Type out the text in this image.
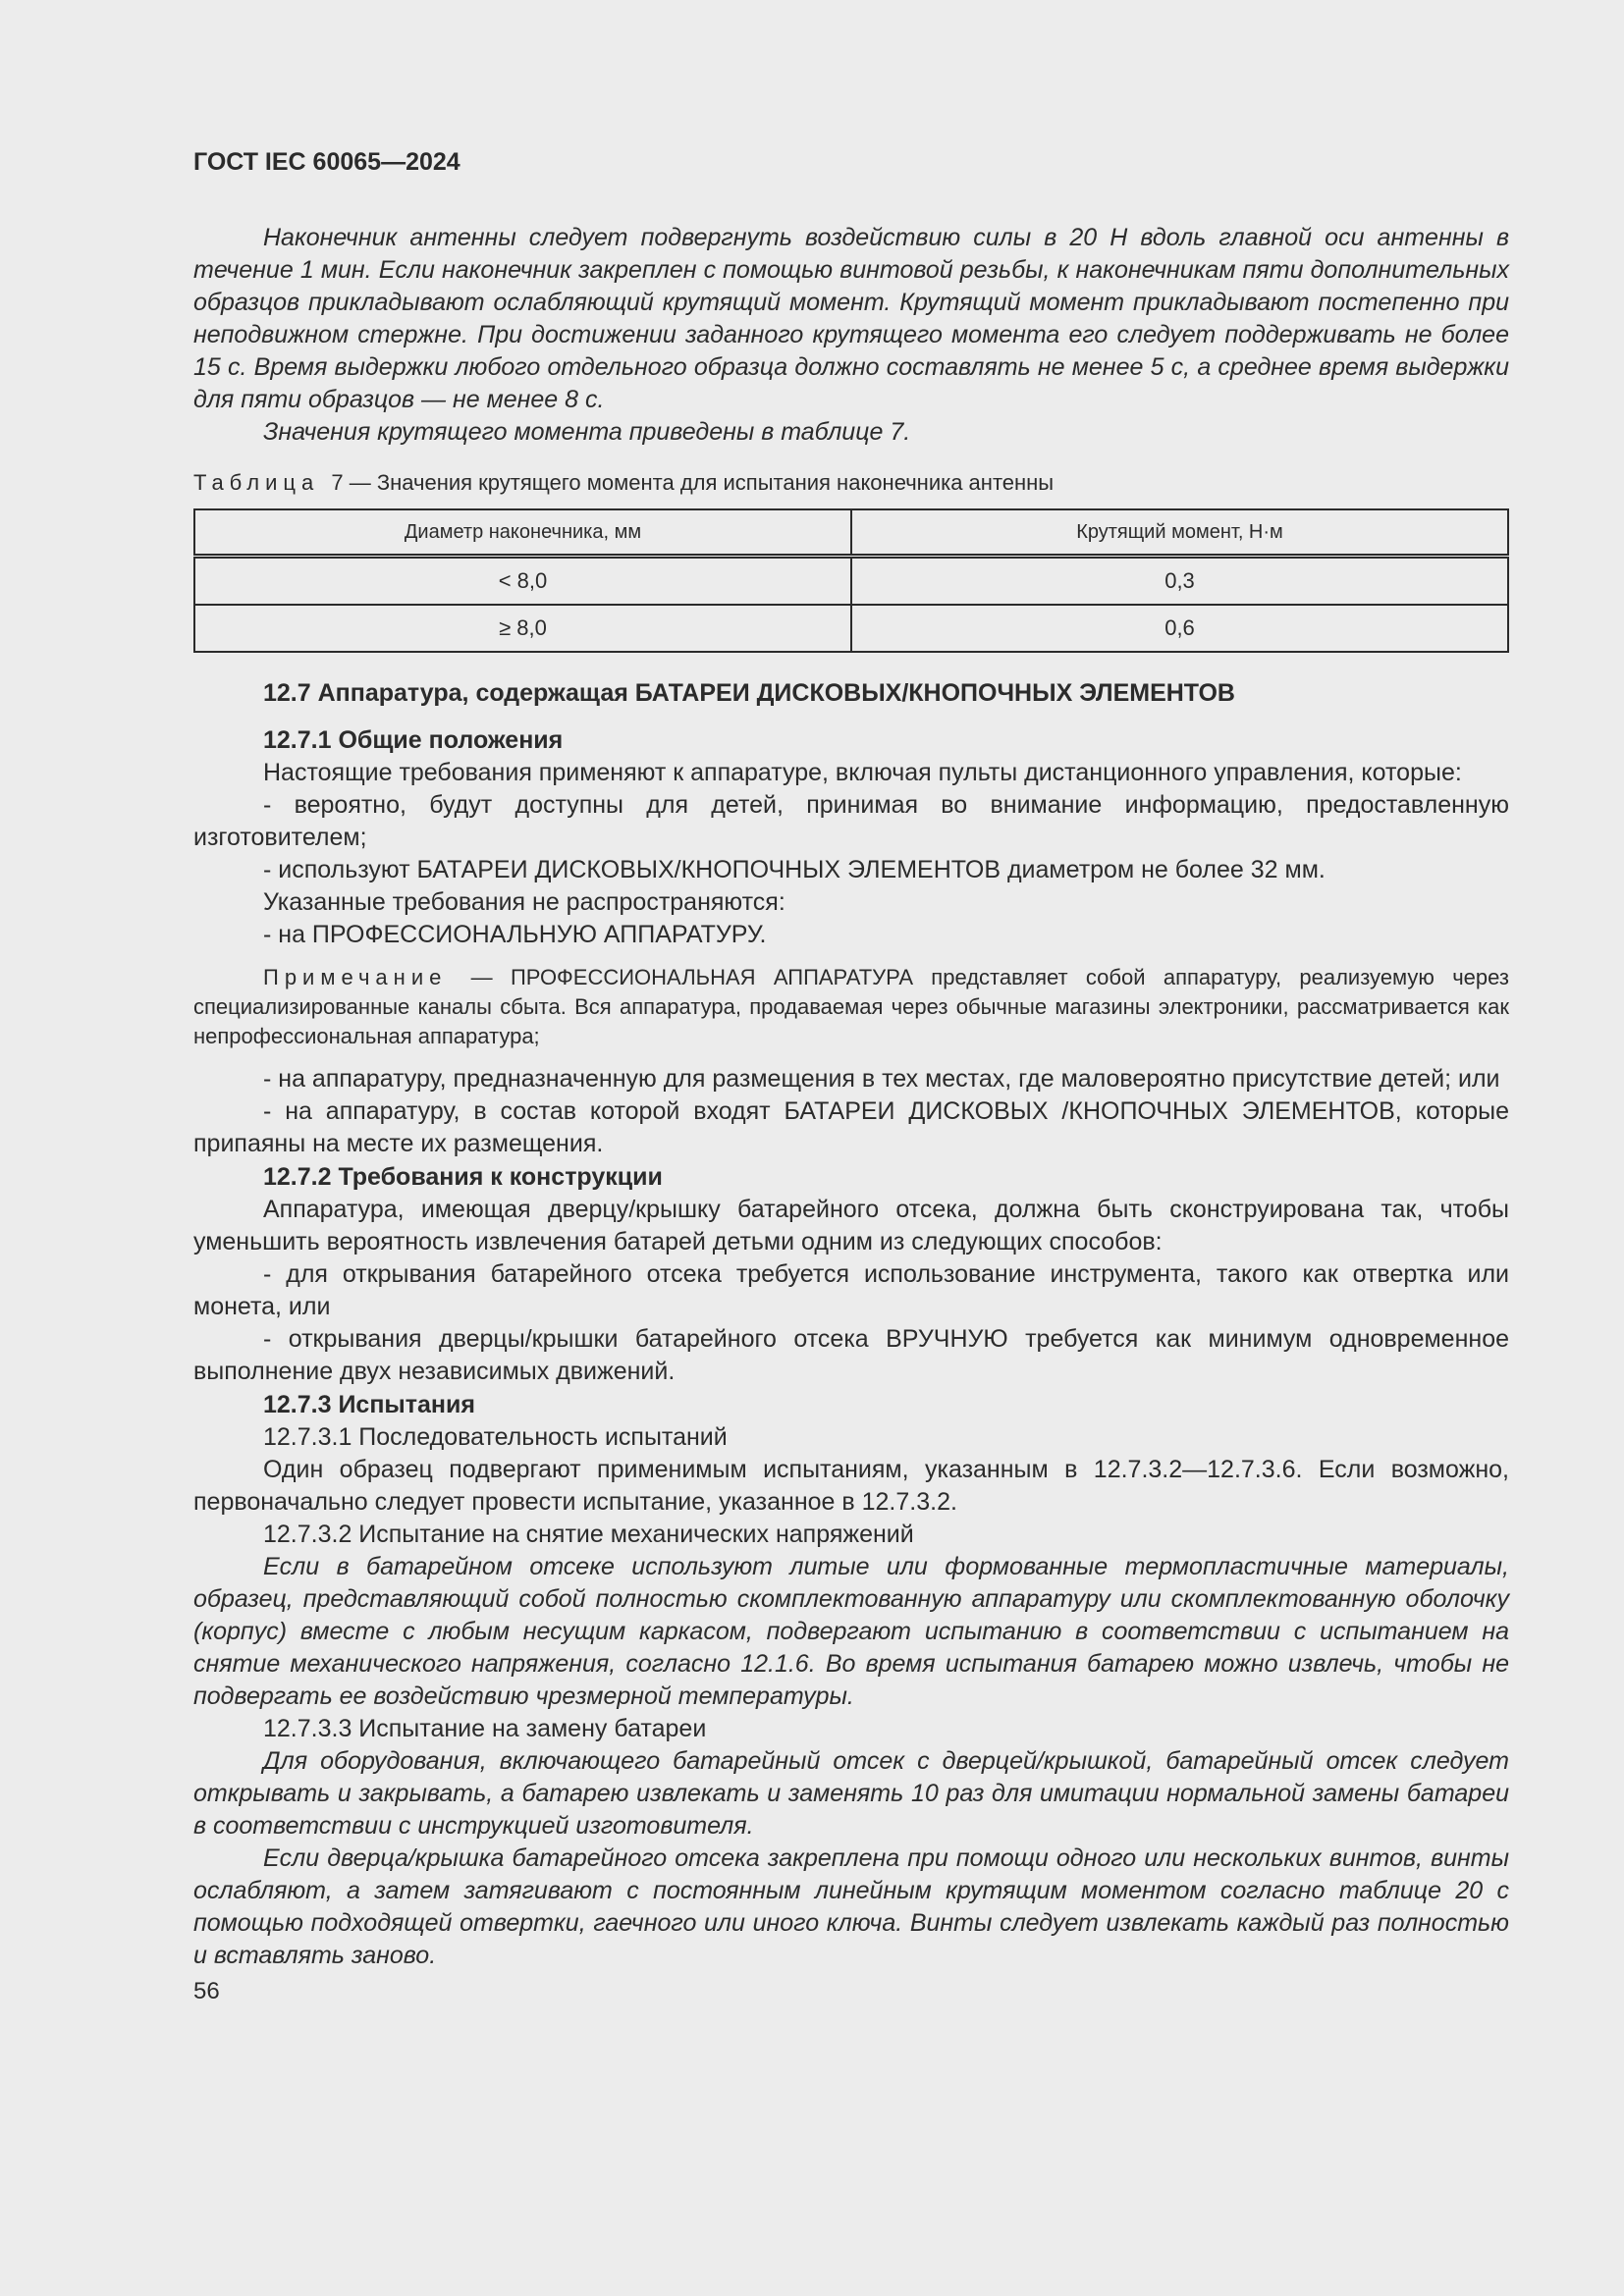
ГОСТ IEC 60065—2024

Наконечник антенны следует подвергнуть воздействию силы в 20 Н вдоль главной оси антенны в течение 1 мин. Если наконечник закреплен с помощью винтовой резьбы, к наконечникам пяти дополнительных образцов прикладывают ослабляющий крутящий момент. Крутящий момент прикладывают постепенно при неподвижном стержне. При достижении заданного крутящего момента его следует поддерживать не более 15 с. Время выдержки любого отдельного образца должно составлять не менее 5 с, а среднее время выдержки для пяти образцов — не менее 8 с.

Значения крутящего момента приведены в таблице 7.

Таблица 7 — Значения крутящего момента для испытания наконечника антенны

Диаметр наконечника, мм	Крутящий момент, Н·м
< 8,0	0,3
≥ 8,0	0,6

12.7 Аппаратура, содержащая БАТАРЕИ ДИСКОВЫХ/КНОПОЧНЫХ ЭЛЕМЕНТОВ

12.7.1 Общие положения

Настоящие требования применяют к аппаратуре, включая пульты дистанционного управления, которые:

- вероятно, будут доступны для детей, принимая во внимание информацию, предоставленную изготовителем;

- используют БАТАРЕИ ДИСКОВЫХ/КНОПОЧНЫХ ЭЛЕМЕНТОВ диаметром не более 32 мм.

Указанные требования не распространяются:

- на ПРОФЕССИОНАЛЬНУЮ АППАРАТУРУ.

Примечание — ПРОФЕССИОНАЛЬНАЯ АППАРАТУРА представляет собой аппаратуру, реализуемую через специализированные каналы сбыта. Вся аппаратура, продаваемая через обычные магазины электроники, рассматривается как непрофессиональная аппаратура;

- на аппаратуру, предназначенную для размещения в тех местах, где маловероятно присутствие детей; или

- на аппаратуру, в состав которой входят БАТАРЕИ ДИСКОВЫХ /КНОПОЧНЫХ ЭЛЕМЕНТОВ, которые припаяны на месте их размещения.

12.7.2 Требования к конструкции

Аппаратура, имеющая дверцу/крышку батарейного отсека, должна быть сконструирована так, чтобы уменьшить вероятность извлечения батарей детьми одним из следующих способов:

- для открывания батарейного отсека требуется использование инструмента, такого как отвертка или монета, или

- открывания дверцы/крышки батарейного отсека ВРУЧНУЮ требуется как минимум одновременное выполнение двух независимых движений.

12.7.3 Испытания

12.7.3.1 Последовательность испытаний

Один образец подвергают применимым испытаниям, указанным в 12.7.3.2—12.7.3.6. Если возможно, первоначально следует провести испытание, указанное в 12.7.3.2.

12.7.3.2 Испытание на снятие механических напряжений

Если в батарейном отсеке используют литые или формованные термопластичные материалы, образец, представляющий собой полностью скомплектованную аппаратуру или скомплектованную оболочку (корпус) вместе с любым несущим каркасом, подвергают испытанию в соответствии с испытанием на снятие механического напряжения, согласно 12.1.6. Во время испытания батарею можно извлечь, чтобы не подвергать ее воздействию чрезмерной температуры.

12.7.3.3 Испытание на замену батареи

Для оборудования, включающего батарейный отсек с дверцей/крышкой, батарейный отсек следует открывать и закрывать, а батарею извлекать и заменять 10 раз для имитации нормальной замены батареи в соответствии с инструкцией изготовителя.

Если дверца/крышка батарейного отсека закреплена при помощи одного или нескольких винтов, винты ослабляют, а затем затягивают с постоянным линейным крутящим моментом согласно таблице 20 с помощью подходящей отвертки, гаечного или иного ключа. Винты следует извлекать каждый раз полностью и вставлять заново.

56
